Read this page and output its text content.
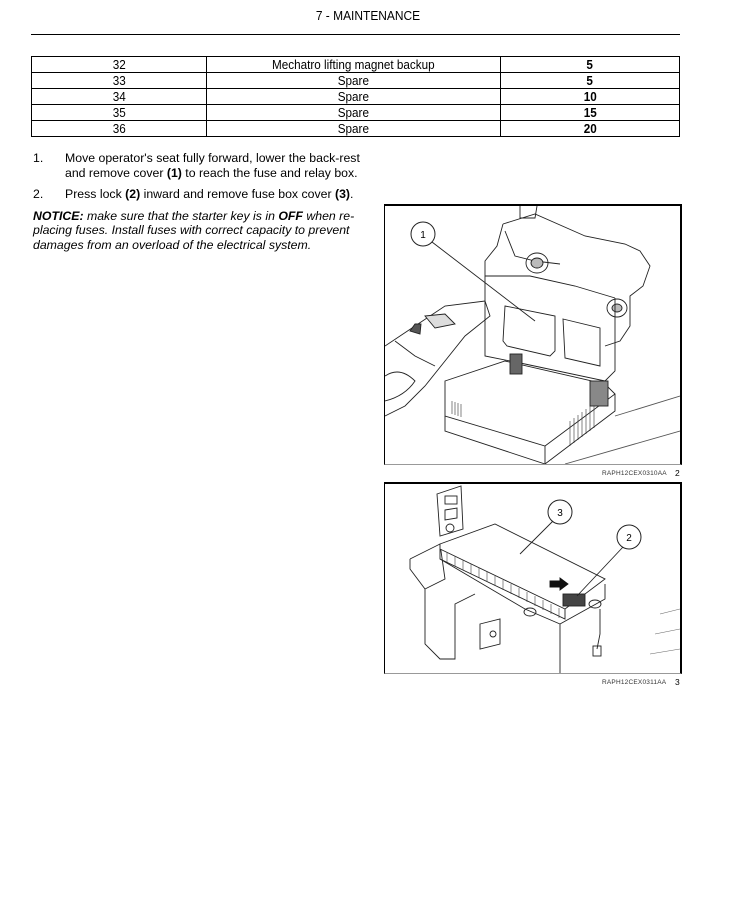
7 - MAINTENANCE
32	Mechatro lifting magnet backup	5
33	Spare	5
34	Spare	10
35	Spare	15
36	Spare	20
1. Move operator's seat fully forward, lower the back-rest and remove cover (1) to reach the fuse and relay box.
2. Press lock (2) inward and remove fuse box cover (3).
NOTICE: make sure that the starter key is in OFF when re-placing fuses. Install fuses with correct capacity to prevent damages from an overload of the electrical system.
1
RAPH12CEX0310AA 2
3
2
RAPH12CEX0311AA 3
